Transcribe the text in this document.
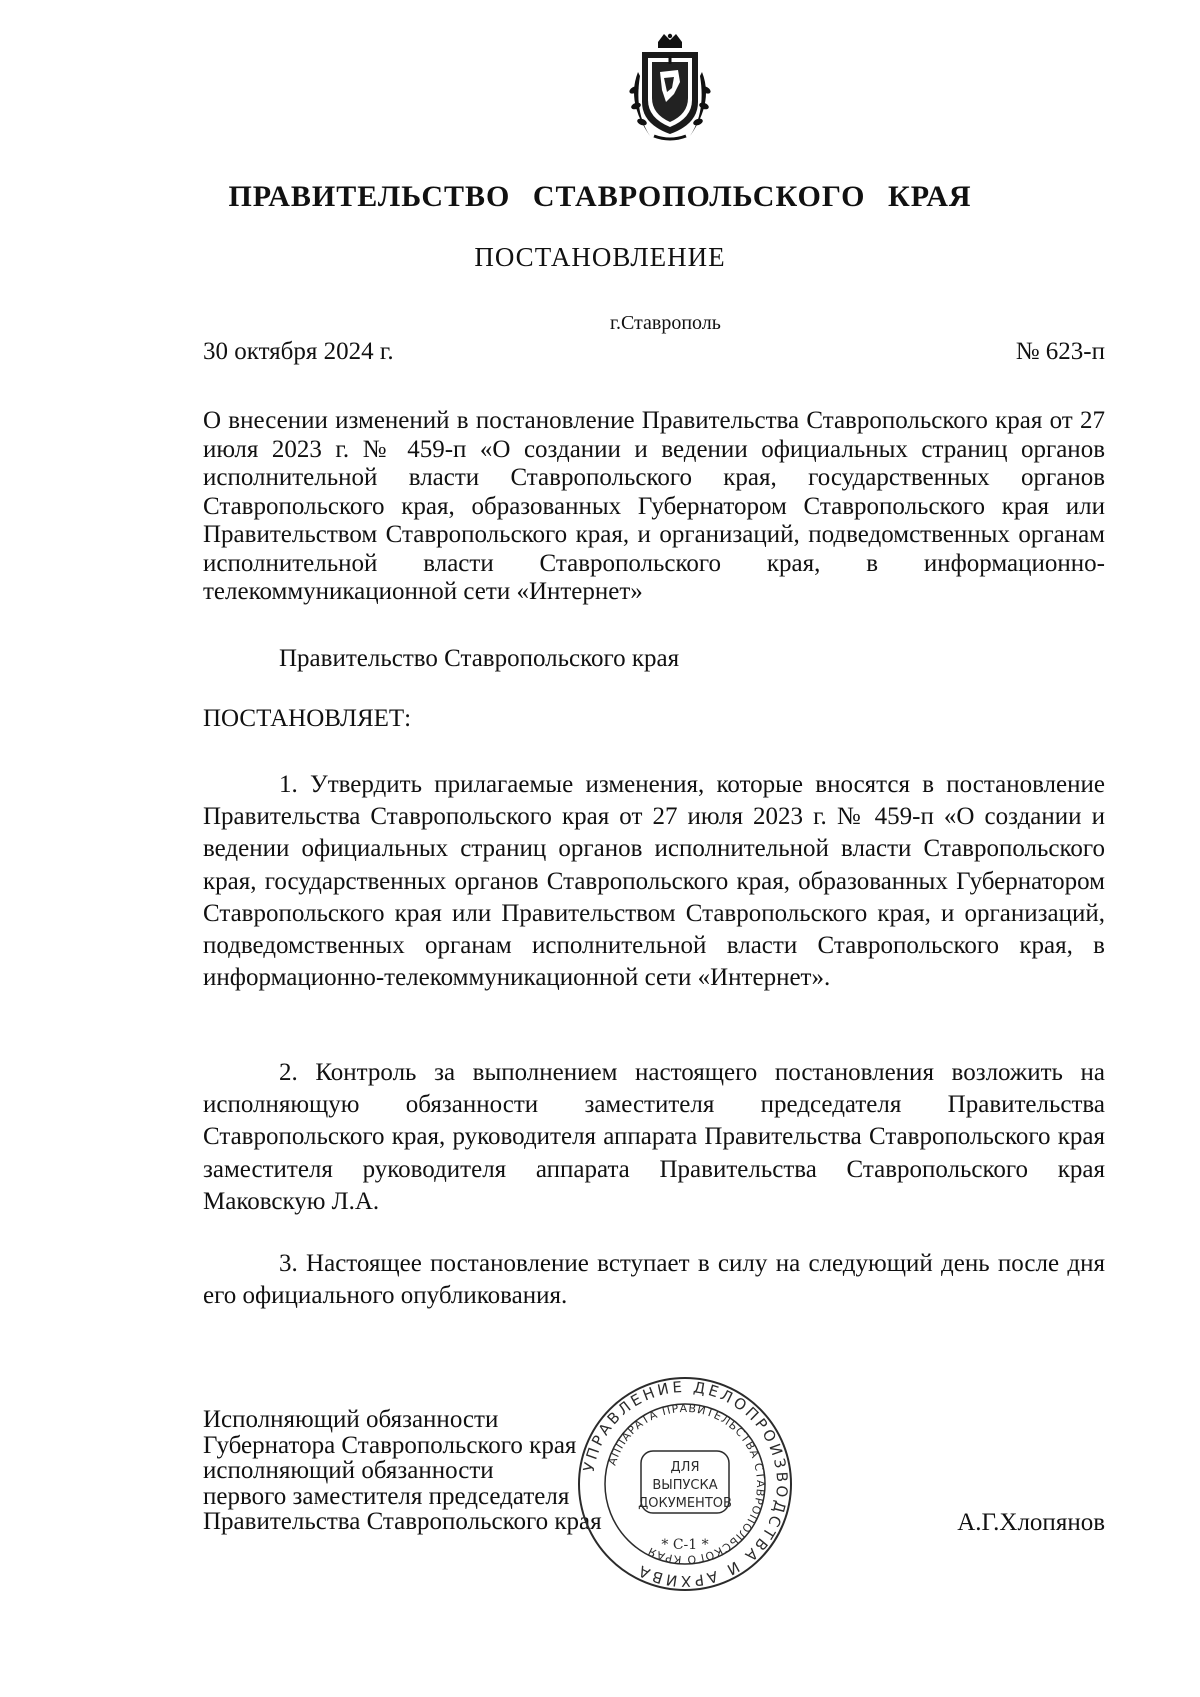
ПРАВИТЕЛЬСТВО СТАВРОПОЛЬСКОГО КРАЯ
ПОСТАНОВЛЕНИЕ
г.Ставрополь
30 октября 2024 г.	№ 623-п

О внесении изменений в постановление Правительства Ставропольского края от 27 июля 2023 г. № 459-п «О создании и ведении официальных страниц органов исполнительной власти Ставропольского края, государственных органов Ставропольского края, образованных Губернатором Ставропольского края или Правительством Ставропольского края, и организаций, подведомственных органам исполнительной власти Ставропольского края, в информационно-телекоммуникационной сети «Интернет»

Правительство Ставропольского края
ПОСТАНОВЛЯЕТ:

1. Утвердить прилагаемые изменения, которые вносятся в постановление Правительства Ставропольского края от 27 июля 2023 г. № 459-п «О создании и ведении официальных страниц органов исполнительной власти Ставропольского края, государственных органов Ставропольского края, образованных Губернатором Ставропольского края или Правительством Ставропольского края, и организаций, подведомственных органам исполнительной власти Ставропольского края, в информационно-телекоммуникационной сети «Интернет».

2. Контроль за выполнением настоящего постановления возложить на исполняющую обязанности заместителя председателя Правительства Ставропольского края, руководителя аппарата Правительства Ставропольского края заместителя руководителя аппарата Правительства Ставропольского края Маковскую Л.А.

3. Настоящее постановление вступает в силу на следующий день после дня его официального опубликования.

Исполняющий обязанности
Губернатора Ставропольского края
исполняющий обязанности
первого заместителя председателя
Правительства Ставропольского края	А.Г.Хлопянов
УПРАВЛЕНИЕ ДЕЛОПРОИЗВОДСТВА И АРХИВА
АППАРАТА ПРАВИТЕЛЬСТВА СТАВРОПОЛЬСКОГО КРАЯ
ДЛЯ
ВЫПУСКА
ДОКУМЕНТОВ
* С-1 *
